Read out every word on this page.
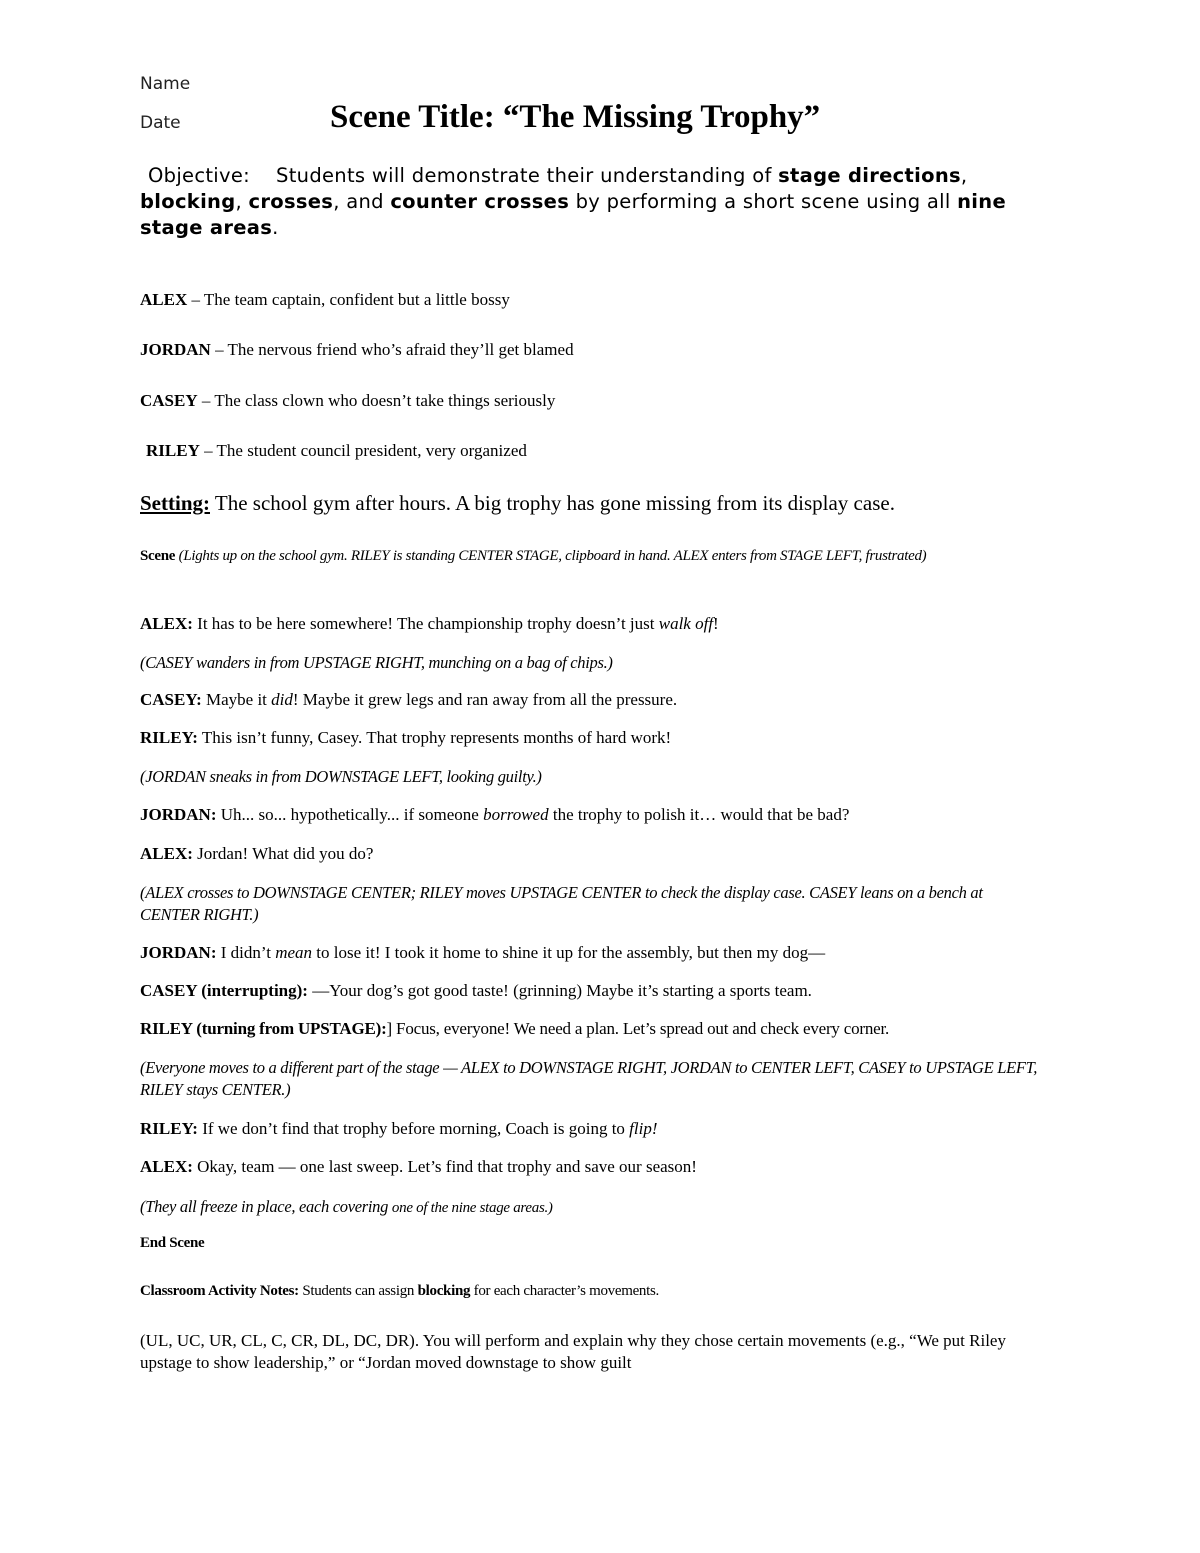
Name
Date	Scene Title: “The Missing Trophy”
Objective: Students will demonstrate their understanding of stage directions, blocking, crosses, and counter crosses by performing a short scene using all nine stage areas.
ALEX – The team captain, confident but a little bossy
JORDAN – The nervous friend who’s afraid they’ll get blamed
CASEY – The class clown who doesn’t take things seriously
RILEY – The student council president, very organized
Setting: The school gym after hours. A big trophy has gone missing from its display case.
Scene (Lights up on the school gym. RILEY is standing CENTER STAGE, clipboard in hand. ALEX enters from STAGE LEFT, frustrated)
ALEX: It has to be here somewhere! The championship trophy doesn’t just walk off!
(CASEY wanders in from UPSTAGE RIGHT, munching on a bag of chips.)
CASEY: Maybe it did! Maybe it grew legs and ran away from all the pressure.
RILEY: This isn’t funny, Casey. That trophy represents months of hard work!
(JORDAN sneaks in from DOWNSTAGE LEFT, looking guilty.)
JORDAN: Uh... so... hypothetically... if someone borrowed the trophy to polish it… would that be bad?
ALEX: Jordan! What did you do?
(ALEX crosses to DOWNSTAGE CENTER; RILEY moves UPSTAGE CENTER to check the display case. CASEY leans on a bench at CENTER RIGHT.)
JORDAN: I didn’t mean to lose it! I took it home to shine it up for the assembly, but then my dog—
CASEY (interrupting): —Your dog’s got good taste! (grinning) Maybe it’s starting a sports team.
RILEY (turning from UPSTAGE):] Focus, everyone! We need a plan. Let’s spread out and check every corner.
(Everyone moves to a different part of the stage — ALEX to DOWNSTAGE RIGHT, JORDAN to CENTER LEFT, CASEY to UPSTAGE LEFT, RILEY stays CENTER.)
RILEY: If we don’t find that trophy before morning, Coach is going to flip!
ALEX: Okay, team — one last sweep. Let’s find that trophy and save our season!
(They all freeze in place, each covering one of the nine stage areas.)
End Scene
Classroom Activity Notes: Students can assign blocking for each character’s movements.
(UL, UC, UR, CL, C, CR, DL, DC, DR). You will perform and explain why they chose certain movements (e.g., “We put Riley upstage to show leadership,” or “Jordan moved downstage to show guilt
